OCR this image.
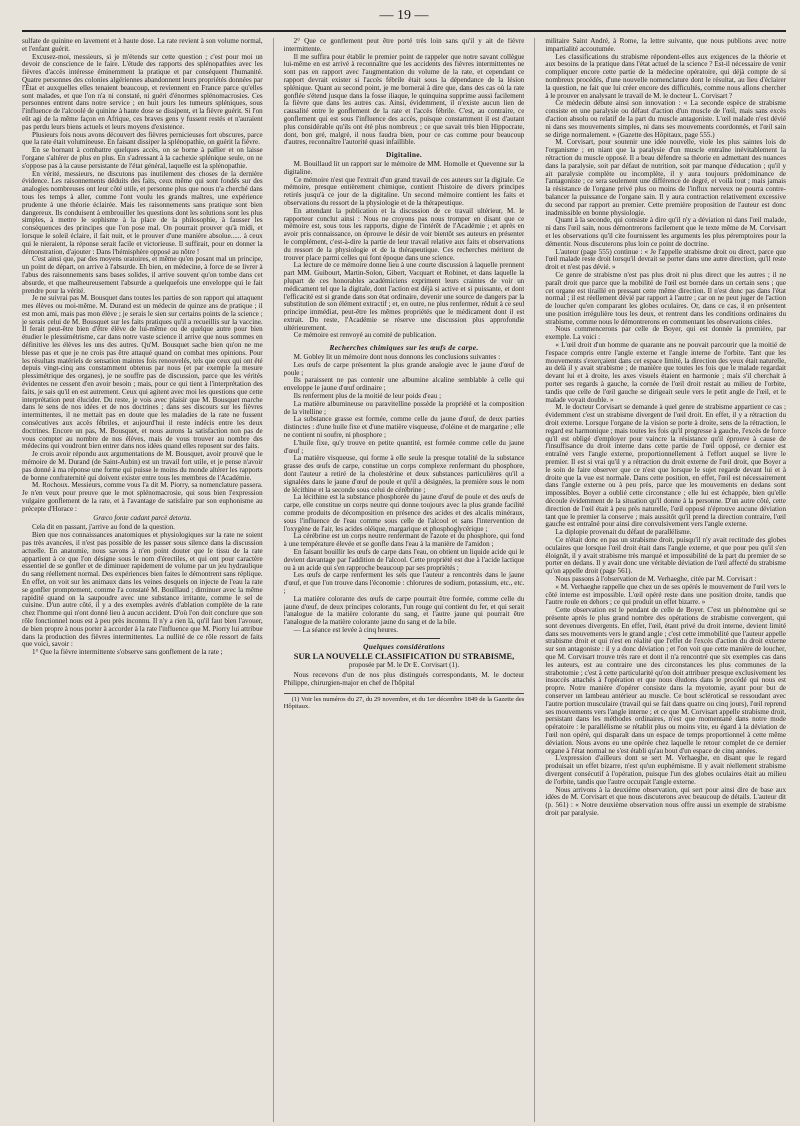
— 19 —

sulfate de quinine en lavement et à haute dose. La rate revient à son volume normal, et l'enfant guérit.

Excusez-moi, messieurs, si je m'étends sur cette question ; c'est pour moi un devoir de conscience de le faire. L'étude des rapports des splénopathies avec les fièvres d'accès intéresse éminemment la pratique et par conséquent l'humanité. Quatre personnes des colonies algériennes abandonnent leurs propriétés données par l'État et auxquelles elles tenaient beaucoup, et reviennent en France parce qu'elles sont malades, et que l'on n'a ni constaté, ni guéri d'énormes splénomacrosies. Ces personnes entrent dans notre service ; en huit jours les tumeurs spléniques, sous l'influence de l'alcoolé de quinine à haute dose se dissipent, et la fièvre guérit. Si l'on eût agi de la même façon en Afrique, ces braves gens y fussent restés et n'auraient pas perdu leurs biens actuels et leurs moyens d'existence.

Plusieurs fois nous avons découvert des fièvres pernicieuses fort obscures, parce que la rate était volumineuse. En faisant dissiper la splénopathie, on guérit la fièvre.

En se bornant à combattre quelques accès, on se borne à pallier et on laisse l'organe s'altérer de plus en plus. En s'adressant à la cachexie splénique seule, on ne s'oppose pas à la cause persistante de l'état général, laquelle est la splénopathie.

En vérité, messieurs, ne discutons pas inutilement des choses de la dernière évidence. Les raisonnements déduits des faits, ceux même qui sont fondés sur des analogies nombreuses ont leur côté utile, et personne plus que nous n'a cherché dans tous les temps à aller, comme l'ont voulu les grands maîtres, une expérience prudente à une théorie éclairée. Mais les raisonnements sans pratique sont bien dangereux. Ils conduisent à embrouiller les questions dont les solutions sont les plus simples, à mettre le sophisme à la place de la philosophie, à fausser les conséquences des principes que l'on pose mal. On pourrait prouver qu'à midi, et lorsque le soleil éclaire, il fait nuit, et le prouver d'une manière absolue...... à ceux qui le nieraient, la réponse serait facile et victorieuse. Il suffirait, pour en donner la démonstration, d'ajouter : Dans l'hémisphère opposé au nôtre !

C'est ainsi que, par des moyens oratoires, et même qu'en posant mal un principe, un point de départ, on arrive à l'absurde. Eh bien, en médecine, à force de se livrer à l'abus des raisonnements sans bases solides, il arrive souvent qu'on tombe dans cet absurde, et que malheureusement l'absurde a quelquefois une enveloppe qui le fait prendre pour la vérité.

Je ne suivrai pas M. Bousquet dans toutes les parties de son rapport qui attaquent mes élèves ou moi-même. M. Durand est un médecin de quinze ans de pratique ; il est mon ami, mais pas mon élève ; je serais le sien sur certains points de la science ; je serais celui de M. Bousquet sur les faits pratiques qu'il a recueillis sur la vaccine. Il ferait peut-être bien d'être élève de lui-même ou de quelque autre pour bien étudier le plessimétrisme, car dans notre vaste science il arrive que nous sommes en définitive les élèves les uns des autres. Qu'M. Bousquet sache bien qu'on ne me blesse pas et que je ne crois pas être attaqué quand on combat mes opinions. Pour les résultats matériels de sensation maintes fois renouvelés, tels que ceux qui ont été depuis vingt-cinq ans constamment obtenus par nous (et par exemple la mesure plessimétrique des organes), je ne souffre pas de discussion, parce que les vérités évidentes ne cessent d'en avoir besoin ; mais, pour ce qui tient à l'interprétation des faits, je sais qu'il en est autrement. Ceux qui agitent avec moi les questions que cette interprétation peut élucider. Du reste, je vois avec plaisir que M. Bousquet marche dans le sens de nos idées et de nos doctrines ; dans ses discours sur les fièvres intermittentes, il ne mettait pas en doute que les maladies de la rate ne fussent consécutives aux accès fébriles, et aujourd'hui il reste indécis entre les deux doctrines. Encore un pas, M. Bousquet, et nous aurons la satisfaction non pas de vous compter au nombre de nos élèves, mais de vous trouver au nombre des médecins qui voudront bien entrer dans nos idées quand elles reposent sur des faits.

Je crois avoir répondu aux argumentations de M. Bousquet, avoir prouvé que le mémoire de M. Durand (de Saint-Aubin) est un travail fort utile, et je pense n'avoir pas donné à ma réponse une forme qui puisse le moins du monde altérer les rapports de bonne confraternité qui doivent exister entre tous les membres de l'Académie.

M. Rochoux. Messieurs, comme vous l'a dit M. Piorry, sa nomenclature passera. Je n'en veux pour preuve que le mot splénomacrosie, qui sous bien l'expression vulgaire gonflement de la rate, et à l'avantage de satisfaire par son euphonisme au précepte d'Horace :

Græco fonte cadant parcè detorta.

Cela dit en passant, j'arrive au fond de la question.

Bien que nos connaissances anatomiques et physiologiques sur la rate ne soient pas très avancées, il n'est pas possible de les passer sous silence dans la discussion actuelle. En anatomie, nous savons à n'en point douter que le tissu de la rate appartient à ce que l'on désigne sous le nom d'érectiles, et qui ont pour caractère essentiel de se gonfler et de diminuer rapidement de volume par un jeu hydraulique du sang réellement normal. Des expériences bien faites le démontrent sans réplique. En effet, on voit sur les animaux dans les veines desquels on injecte de l'eau la rate se gonfler promptement, comme l'a constaté M. Bouillaud ; diminuer avec la même rapidité quand on la saupoudre avec une substance irritante, comme le sel de cuisine. D'un autre côté, il y a des exemples avérés d'ablation complète de la rate chez l'homme qui n'ont donné lieu à aucun accident. D'où l'on doit conclure que son rôle fonctionnel nous est à peu près inconnu. Il n'y a rien là, qu'il faut bien l'avouer, de bien propre à nous porter à accorder à la rate l'influence que M. Piorry lui attribue dans la production des fièvres intermittentes. La nullité de ce rôle ressort de faits que voici, savoir :

1° Que la fièvre intermittente s'observe sans gonflement de la rate ;

2° Que ce gonflement peut être porté très loin sans qu'il y ait de fièvre intermittente.

Il me suffira pour établir le premier point de rappeler que notre savant collègue lui-même en est arrivé à reconnaître que les accidents des fièvres intermittentes ne sont pas en rapport avec l'augmentation du volume de la rate, et cependant ce rapport devrait exister si l'accès fébrile était sous la dépendance de la lésion splénique. Quant au second point, je me bornerai à dire que, dans des cas où la rate gonflée s'étend jusque dans la fosse iliaque, le quinquina supprime aussi facilement la fièvre que dans les autres cas. Ainsi, évidemment, il n'existe aucun lien de causalité entre le gonflement de la rate et l'accès fébrile. C'est, au contraire, ce gonflement qui est sous l'influence des accès, puisque constamment il est d'autant plus considérable qu'ils ont été plus nombreux ; ce que savait très bien Hippocrate, dont, bon gré, malgré, il nous faudra bien, pour ce cas comme pour beaucoup d'autres, reconnaître l'autorité quasi infaillible.

Digitaline.

M. Bouillaud lit un rapport sur le mémoire de MM. Homolle et Quevenne sur la digitaline.

Ce mémoire n'est que l'extrait d'un grand travail de ces auteurs sur la digitale. Ce mémoire, presque entièrement chimique, contient l'histoire de divers principes retirés jusqu'à ce jour de la digitaline. Un second mémoire contient les faits et observations du ressort de la physiologie et de la thérapeutique.

En attendant la publication et la discussion de ce travail ultérieur, M. le rapporteur conclut ainsi : Nous ne croyons pas nous tromper en disant que ce mémoire est, sous tous les rapports, digne de l'intérêt de l'Académie ; et après en avoir pris connaissance, on éprouve le désir de voir bientôt ses auteurs en présenter le complément, c'est-à-dire la partie de leur travail relative aux faits et observations du ressort de la physiologie et de la thérapeutique. Ces recherches méritent de trouver place parmi celles qui font époque dans une science.

La lecture de ce mémoire donne lieu à une courte discussion à laquelle prennent part MM. Guibourt, Martin-Solon, Gibert, Vacquart et Robinet, et dans laquelle la plupart de ces honorables académiciens expriment leurs craintes de voir un médicament tel que la digitale, dont l'action est déjà si active et si puissante, et dont l'efficacité est si grande dans son état ordinaire, devenir une source de dangers par la substitution de son élément extractif ; et, en outre, ne plus renfermer, réduit à ce seul principe immédiat, peut-être les mêmes propriétés que le médicament dont il est extrait. Du reste, l'Académie se réserve une discussion plus approfondie ultérieurement.

Ce mémoire est renvoyé au comité de publication.

Recherches chimiques sur les œufs de carpe.

M. Gobley lit un mémoire dont nous donnons les conclusions suivantes :

Les œufs de carpe présentent la plus grande analogie avec le jaune d'œuf de poule ;

Ils paraissent ne pas contenir une albumine alcaline semblable à celle qui enveloppe le jaune d'œuf ordinaire ;

Ils renferment plus de la moitié de leur poids d'eau ;

La matière albumineuse ou paravitelline possède la propriété et la composition de la vitelline ;

La substance grasse est formée, comme celle du jaune d'œuf, de deux parties distinctes : d'une huile fixe et d'une matière visqueuse, d'oléine et de margarine ; elle ne contient ni soufre, ni phosphore ;

L'huile fixe, qu'y trouve en petite quantité, est formée comme celle du jaune d'œuf ;

La matière visqueuse, qui forme à elle seule la presque totalité de la substance grasse des œufs de carpe, constitue un corps complexe renfermant du phosphore, dont l'auteur a retiré de la cholestérine et deux substances particulières qu'il a signalées dans le jaune d'œuf de poule et qu'il a désignées, la première sous le nom de lécithine et la seconde sous celui de cérébrine ;

La lécithine est la substance phosphorée du jaune d'œuf de poule et des œufs de carpe, elle constitue un corps neutre qui donne toujours avec la plus grande facilité comme produits de décomposition en présence des acides et des alcalis minéraux, sous l'influence de l'eau comme sous celle de l'alcool et sans l'intervention de l'oxygène de l'air, les acides oléique, margarique et phosphoglycérique ;

La cérébrine est un corps neutre renfermant de l'azote et du phosphore, qui fond à une température élevée et se gonfle dans l'eau à la manière de l'amidon ;

En faisant bouillir les œufs de carpe dans l'eau, on obtient un liquide acide qui le devient davantage par l'addition de l'alcool. Cette propriété est due à l'acide lactique ou à un acide qui s'en rapproche beaucoup par ses propriétés ;

Les œufs de carpe renferment les sels que l'auteur a rencontrés dans le jaune d'œuf, et que l'on trouve dans l'économie : chlorures de sodium, potassium, etc., etc. ;

La matière colorante des œufs de carpe pourrait être formée, comme celle du jaune d'œuf, de deux principes colorants, l'un rouge qui contient du fer, et qui serait l'analogue de la matière colorante du sang, et l'autre jaune qui pourrait être l'analogue de la matière colorante jaune du sang et de la bile.

— La séance est levée à cinq heures.

Quelques considérations
SUR LA NOUVELLE CLASSIFICATION DU STRABISME,
proposée par M. le Dr E. Corvisart (1).

Nous recevons d'un de nos plus distingués correspondants, M. le docteur Philippe, chirurgien-major en chef de l'hôpital

(1) Voir les numéros du 27, du 29 novembre, et du 1er décembre 1849 de la Gazette des Hôpitaux.

militaire Saint André, à Rome, la lettre suivante, que nous publions avec notre impartialité accoutumée.

Les classifications du strabisme répondent-elles aux exigences de la théorie et aux besoins de la pratique dans l'état actuel de la science ? Est-il nécessaire de venir compliquer encore cette partie de la médecine opératoire, qui déjà compte de si nombreux procédés, d'une nouvelle nomenclature dont le résultat, au lieu d'éclairer la question, ne fait que lui créer encore des difficultés, comme nous allons chercher à le prouver en analysant le travail de M. le docteur L. Corvisart ?

Ce médecin débute ainsi son innovation : « La seconde espèce de strabisme consiste en une paralysie ou défaut d'action d'un muscle de l'œil, mais sans excès d'action absolu ou relatif de la part du muscle antagoniste. L'œil malade n'est dévié ni dans ses mouvements simples, ni dans ses mouvements coordonnés, et l'œil sain se dirige normalement. » (Gazette des Hôpitaux, page 555.)

M. Corvisart, pour soutenir une idée nouvelle, viole les plus saintes lois de l'organisme ; en niant que la paralysie d'un muscle entraîne inévitablement la rétraction du muscle opposé. Il a beau défendre sa théorie en admettant des nuances dans la paralysie, soit par défaut de nutrition, soit par manque d'éducation ; qu'il y ait paralysie complète ou incomplète, il y aura toujours prédominance de l'antagoniste ; ce sera seulement une différence de degré, et voilà tout ; mais jamais la résistance de l'organe privé plus ou moins de l'influx nerveux ne pourra contre-balancer la puissance de l'organe sain. Il y aura contraction relativement excessive du second par rapport au premier. Cette première proposition de l'auteur est donc inadmissible en bonne physiologie.

Quant à la seconde, qui consiste à dire qu'il n'y a déviation ni dans l'œil malade, ni dans l'œil sain, nous démontrerons facilement que le texte même de M. Corvisart et les observations qu'il cite fournissent les arguments les plus péremptoires pour la démentir. Nous discuterons plus loin ce point de doctrine.

L'auteur (page 555) continue : « Je l'appelle strabisme droit ou direct, parce que l'œil malade reste droit lorsqu'il devrait se porter dans une autre direction, qu'il reste droit et n'est pas dévié. »

Ce genre de strabisme n'est pas plus droit ni plus direct que les autres ; il ne paraît droit que parce que la mobilité de l'œil est bornée dans un certain sens ; que cet organe est tiraillé en pressant cette même direction. Il n'est donc pas dans l'état normal ; il est réellement dévié par rapport à l'autre ; car on ne peut juger de l'action de loucher qu'en comparant les globes oculaires. Or, dans ce cas, il en présentent une position irrégulière tous les deux, et rentrent dans les conditions ordinaires du strabisme, comme nous le démontrerons en commentant les observations citées.

Nous commencerons par celle de Boyer, qui est donnée la première, par exemple. La voici :

« L'œil droit d'un homme de quarante ans ne pouvait parcourir que la moitié de l'espace compris entre l'angle externe et l'angle interne de l'orbite. Tant que les mouvements s'exerçaient dans cet espace limité, la direction des yeux était naturelle, au delà il y avait strabisme ; de manière que toutes les fois que le malade regardait devant lui et à droite, les axes visuels étaient en harmonie ; mais s'il cherchait à porter ses regards à gauche, la cornée de l'œil droit restait au milieu de l'orbite, tandis que celle de l'œil gauche se dirigeait seule vers le petit angle de l'œil, et le malade voyait double. »

M. le docteur Corvisart se demande à quel genre de strabisme appartient ce cas ; évidemment c'est un strabisme divergent de l'œil droit. En effet, il y a rétraction du droit externe. Lorsque l'organe de la vision se porte à droite, sens de la rétraction, le regard est harmonique ; mais toutes les fois qu'il progresse à gauche, l'excès de force qu'il est obligé d'employer pour vaincre la résistance qu'il éprouve à cause de l'insuffisance du droit interne dans cette partie de l'œil opposé, ce dernier est entraîné vers l'angle externe, proportionnellement à l'effort auquel se livre le premier. Il est si vrai qu'il y a rétraction du droit externe de l'œil droit, que Boyer a le soin de faire observer que ce n'est que lorsque le sujet regarde devant lui et à droite que la vue est normale. Dans cette position, en effet, l'œil est nécessairement dans l'angle externe ou à peu près, parce que les mouvements en dedans sont impossibles. Boyer a oublié cette circonstance ; elle lui est échappée, bien qu'elle découle évidemment de la situation qu'il donne à la personne. D'un autre côté, cette direction de l'œil était à peu près naturelle, l'œil opposé n'éprouve aucune déviation tant que le premier la conserve ; mais aussitôt qu'il prend la direction contraire, l'œil gauche est entraîné pour ainsi dire convulsivement vers l'angle externe.

La diplopie provenait du défaut de parallélisme.

Ce n'était donc en pas un strabisme droit, puisqu'il n'y avait rectitude des globes oculaires que lorsque l'œil droit était dans l'angle externe, et que pour peu qu'il s'en éloignât, il y avait strabisme très marqué et impossibilité de la part du premier de se porter en dedans. Il y avait donc une véritable déviation de l'œil affecté du strabisme qu'on appelle droit (page 561).

Nous passons à l'observation de M. Verhaeghe, citée par M. Corvisart :

« M. Verhaeghe rappelle que chez un de ses opérés le mouvement de l'œil vers le côté interne est impossible. L'œil opéré reste dans une position droite, tandis que l'autre roule en dehors ; ce qui produit un effet bizarre. »

Cette observation est le pendant de celle de Boyer. C'est un phénomène qui se présente après le plus grand nombre des opérations de strabisme convergent, qui sont devenues divergents. En effet, l'œil, étant privé du droit interne, devient limité dans ses mouvements vers le grand angle ; c'est cette immobilité que l'auteur appelle strabisme droit et qui n'est en réalité que l'effet de l'excès d'action du droit externe sur son antagoniste : il y a donc déviation ; et l'on voit que cette manière de loucher, que M. Corvisart trouve très rare et dont il n'a rencontré que six exemples cas dans les auteurs, est au contraire une des circonstances les plus communes de la strabotomie ; c'est à cette particularité qu'on doit attribuer presque exclusivement les insuccès attachés à l'opération et que nous éludons dans le procédé qui nous est propre. Notre manière d'opérer consiste dans la myotomie, ayant pour but de conserver un lambeau antérieur au muscle. Ce bout scléroticaI se ressoudant avec l'autre portion musculaire (travail qui se fait dans quatre ou cinq jours), l'œil reprend ses mouvements vers l'angle interne ; et ce que M. Corvisart appelle strabisme droit, persistant dans les méthodes ordinaires, n'est que momentané dans notre mode opératoire : le parallélisme se rétablit plus ou moins vite, eu égard à la déviation de l'œil non opéré, qui disparaît dans un espace de temps proportionnel à cette même déviation. Nous avons eu une opérée chez laquelle le retour complet de ce dernier organe à l'état normal ne s'est établi qu'au bout d'un espace de cinq années.

L'expression d'ailleurs dont se sert M. Verhaeghe, en disant que le regard produisait un effet bizarre, n'est qu'un euphémisme. Il y avait réellement strabisme divergent consécutif à l'opération, puisque l'un des globes oculaires était au milieu de l'orbite, tandis que l'autre occupait l'angle externe.

Nous arrivons à la deuxième observation, qui sert pour ainsi dire de base aux idées de M. Corvisart et que nous discuterons avec beaucoup de détails. L'auteur dit (p. 561) : « Notre deuxième observation nous offre aussi un exemple de strabisme droit par paralysie.
